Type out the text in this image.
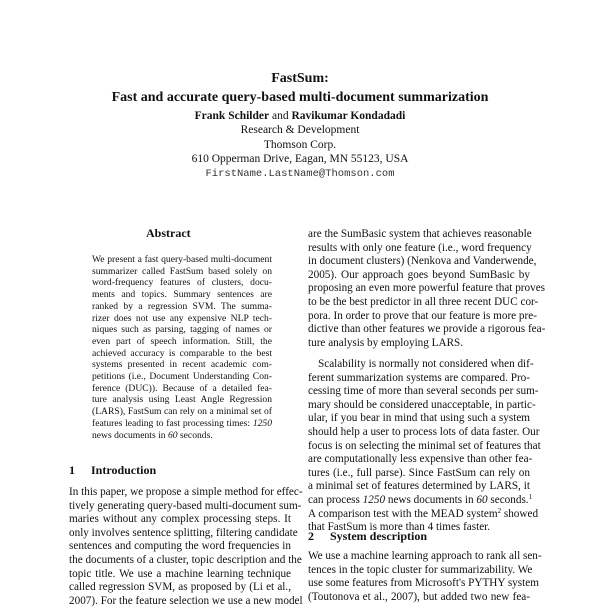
FastSum:
Fast and accurate query-based multi-document summarization
Frank Schilder and Ravikumar Kondadadi
Research & Development
Thomson Corp.
610 Opperman Drive, Eagan, MN 55123, USA
FirstName.LastName@Thomson.com
Abstract
We present a fast query-based multi-document
summarizer called FastSum based solely on
word-frequency features of clusters, docu-
ments and topics. Summary sentences are
ranked by a regression SVM. The summa-
rizer does not use any expensive NLP tech-
niques such as parsing, tagging of names or
even part of speech information. Still, the
achieved accuracy is comparable to the best
systems presented in recent academic com-
petitions (i.e., Document Understanding Con-
ference (DUC)). Because of a detailed fea-
ture analysis using Least Angle Regression
(LARS), FastSum can rely on a minimal set of
features leading to fast processing times: 1250
news documents in 60 seconds.
1 Introduction
In this paper, we propose a simple method for effec-
tively generating query-based multi-document sum-
maries without any complex processing steps. It
only involves sentence splitting, filtering candidate
sentences and computing the word frequencies in
the documents of a cluster, topic description and the
topic title. We use a machine learning technique
called regression SVM, as proposed by (Li et al.,
2007). For the feature selection we use a new model
are the SumBasic system that achieves reasonable
results with only one feature (i.e., word frequency
in document clusters) (Nenkova and Vanderwende,
2005). Our approach goes beyond SumBasic by
proposing an even more powerful feature that proves
to be the best predictor in all three recent DUC cor-
pora. In order to prove that our feature is more pre-
dictive than other features we provide a rigorous fea-
ture analysis by employing LARS.
Scalability is normally not considered when dif-
ferent summarization systems are compared. Pro-
cessing time of more than several seconds per sum-
mary should be considered unacceptable, in partic-
ular, if you bear in mind that using such a system
should help a user to process lots of data faster. Our
focus is on selecting the minimal set of features that
are computationally less expensive than other fea-
tures (i.e., full parse). Since FastSum can rely on
a minimal set of features determined by LARS, it
can process 1250 news documents in 60 seconds.$^1$
A comparison test with the MEAD system$^2$ showed
that FastSum is more than 4 times faster.
2 System description
We use a machine learning approach to rank all sen-
tences in the topic cluster for summarizability. We
use some features from Microsoft's PYTHY system
(Toutonova et al., 2007), but added two new fea-
